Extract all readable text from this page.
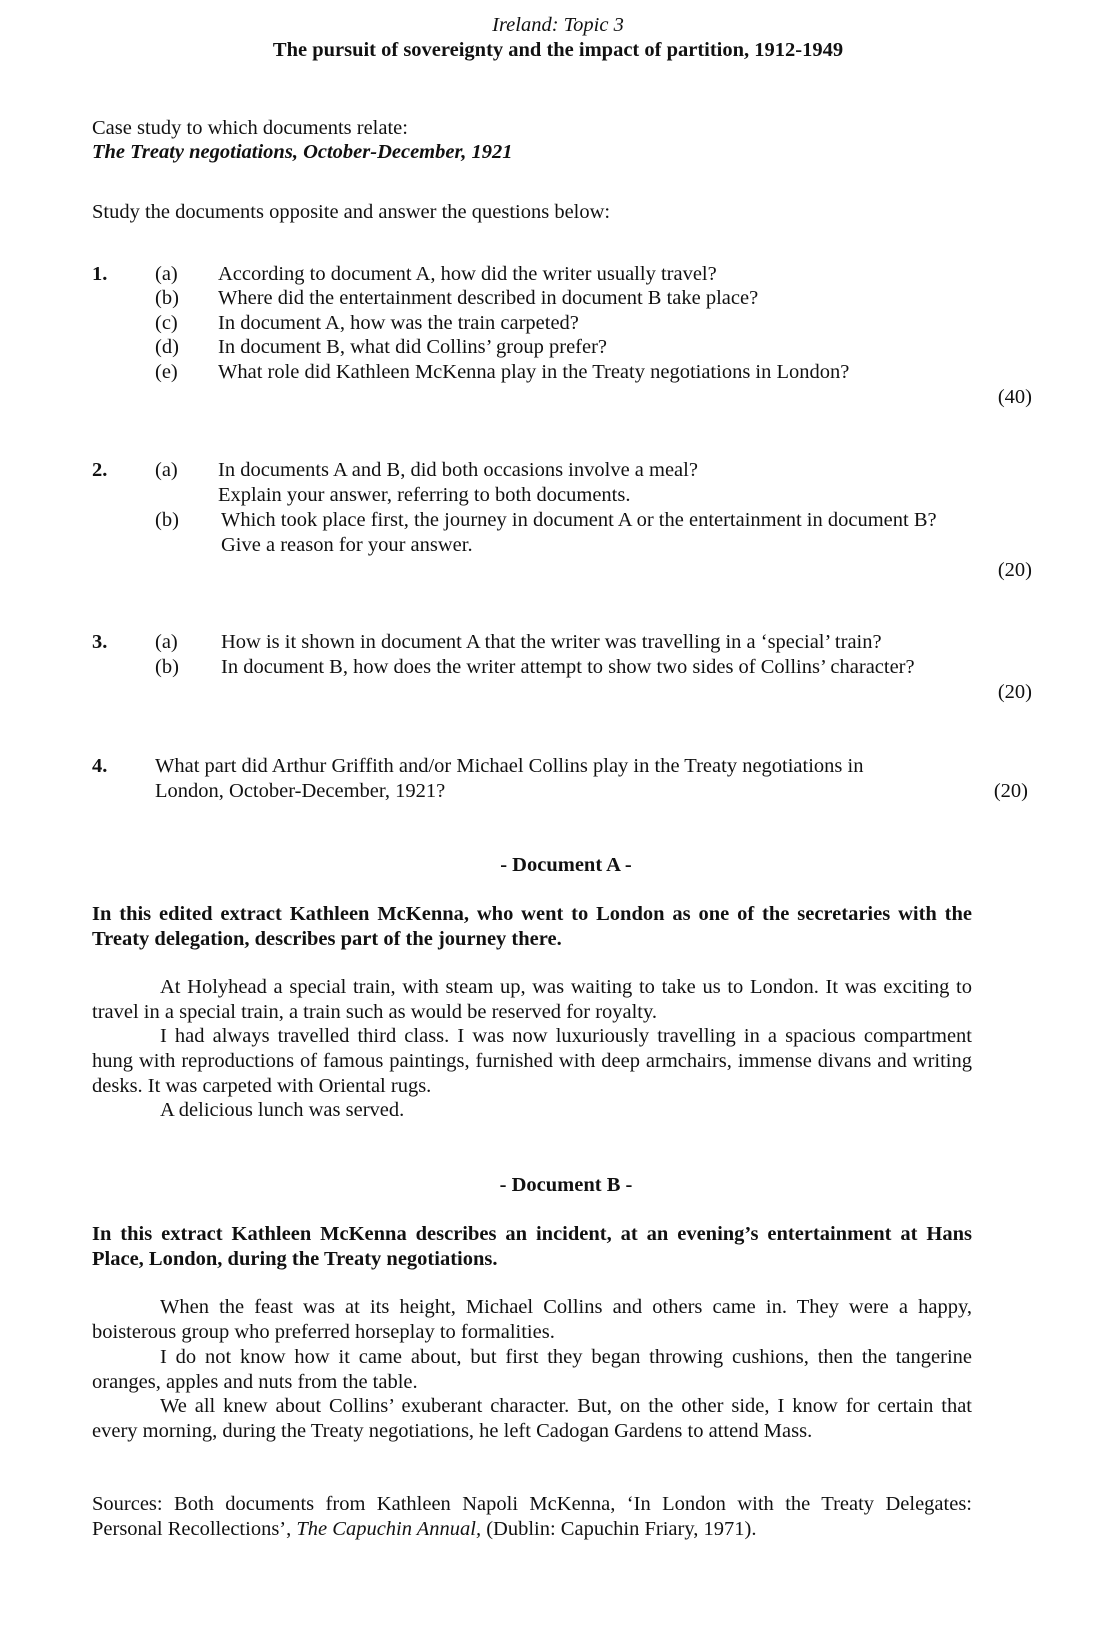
Ireland: Topic 3
The pursuit of sovereignty and the impact of partition, 1912-1949
Case study to which documents relate:
The Treaty negotiations, October-December, 1921
Study the documents opposite and answer the questions below:
1. (a) According to document A, how did the writer usually travel?
(b) Where did the entertainment described in document B take place?
(c) In document A, how was the train carpeted?
(d) In document B, what did Collins’ group prefer?
(e) What role did Kathleen McKenna play in the Treaty negotiations in London?
(40)
2. (a) In documents A and B, did both occasions involve a meal?
Explain your answer, referring to both documents.
(b) Which took place first, the journey in document A or the entertainment in document B?
Give a reason for your answer.
(20)
3. (a) How is it shown in document A that the writer was travelling in a ‘special’ train?
(b) In document B, how does the writer attempt to show two sides of Collins’ character?
(20)
4. What part did Arthur Griffith and/or Michael Collins play in the Treaty negotiations in
London, October-December, 1921?	(20)
- Document A -
In this edited extract Kathleen McKenna, who went to London as one of the secretaries with the Treaty delegation, describes part of the journey there.
At Holyhead a special train, with steam up, was waiting to take us to London. It was exciting to travel in a special train, a train such as would be reserved for royalty.
I had always travelled third class. I was now luxuriously travelling in a spacious compartment hung with reproductions of famous paintings, furnished with deep armchairs, immense divans and writing desks. It was carpeted with Oriental rugs.
A delicious lunch was served.
- Document B -
In this extract Kathleen McKenna describes an incident, at an evening’s entertainment at Hans Place, London, during the Treaty negotiations.
When the feast was at its height, Michael Collins and others came in. They were a happy, boisterous group who preferred horseplay to formalities.
I do not know how it came about, but first they began throwing cushions, then the tangerine oranges, apples and nuts from the table.
We all knew about Collins’ exuberant character. But, on the other side, I know for certain that every morning, during the Treaty negotiations, he left Cadogan Gardens to attend Mass.
Sources: Both documents from Kathleen Napoli McKenna, ‘In London with the Treaty Delegates: Personal Recollections’, The Capuchin Annual, (Dublin: Capuchin Friary, 1971).
